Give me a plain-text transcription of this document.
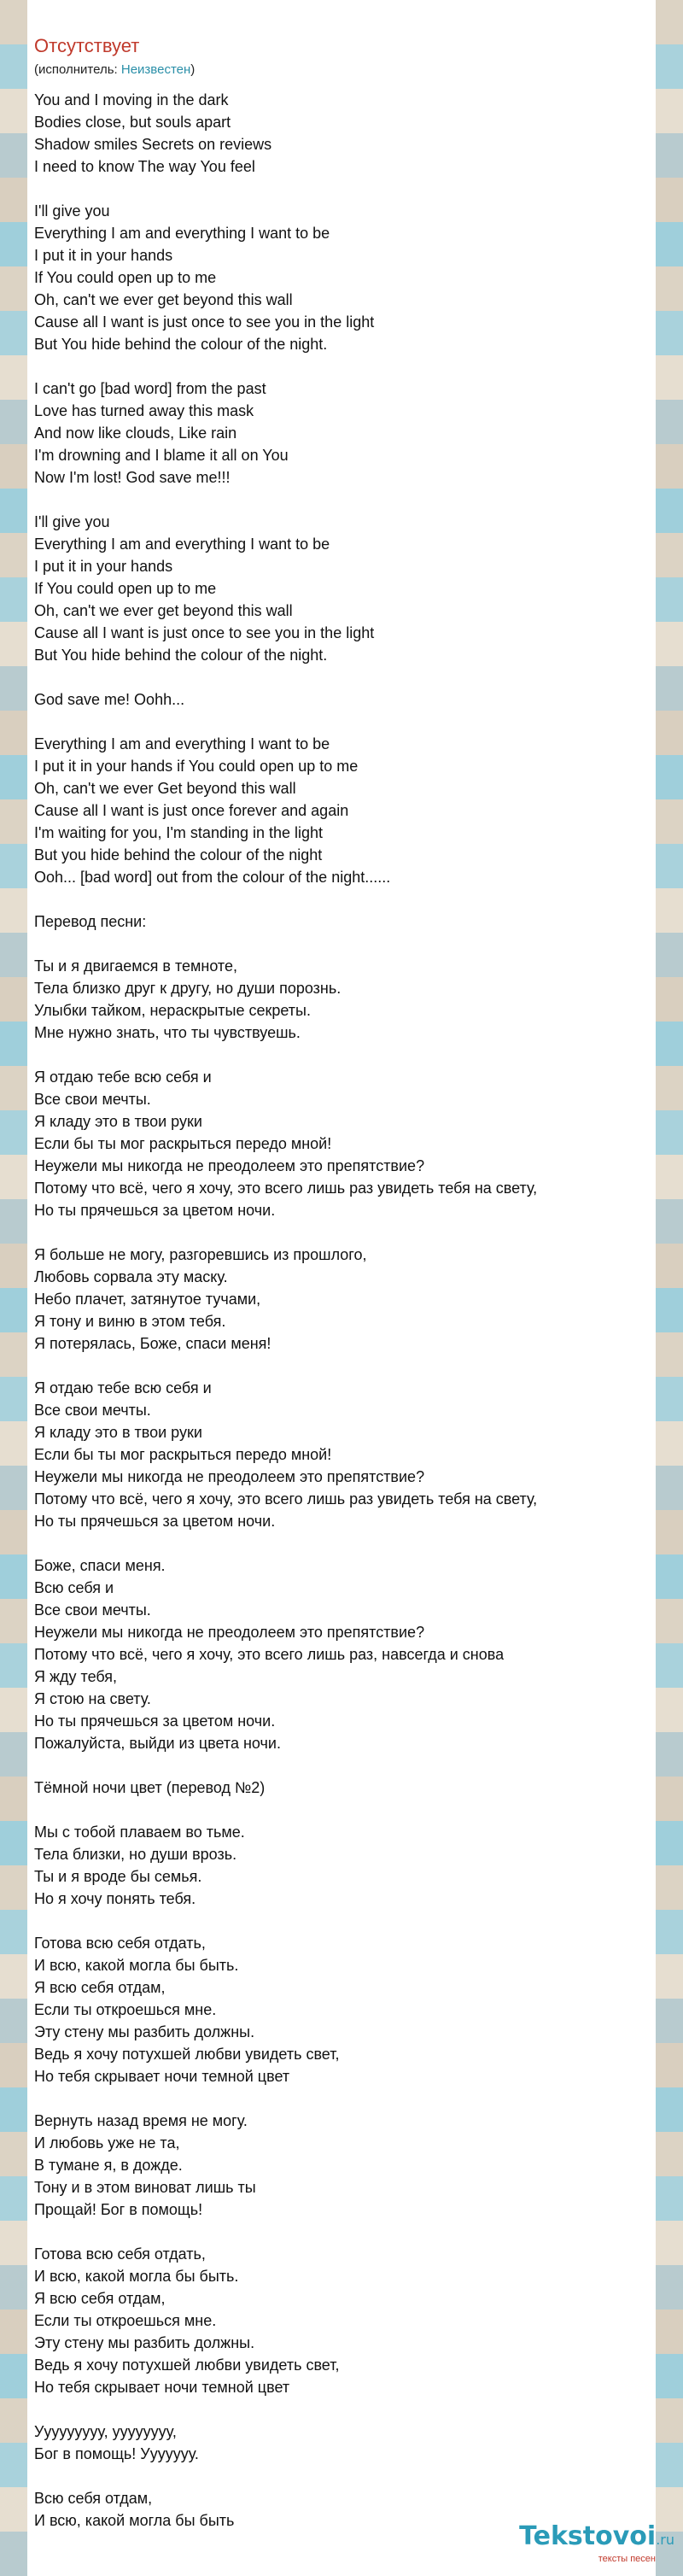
Отсутствует
(исполнитель: Неизвестен)
You and I moving in the dark
Bodies close, but souls apart
Shadow smiles Secrets on reviews
I need to know The way You feel
I'll give you
Everything I am and everything I want to be
I put it in your hands
If You could open up to me
Oh, can't we ever get beyond this wall
Cause all I want is just once to see you in the light
But You hide behind the colour of the night.
I can't go [bad word] from the past
Love has turned away this mask
And now like clouds, Like rain
I'm drowning and I blame it all on You
Now I'm lost! God save me!!!
I'll give you
Everything I am and everything I want to be
I put it in your hands
If You could open up to me
Oh, can't we ever get beyond this wall
Cause all I want is just once to see you in the light
But You hide behind the colour of the night.
God save me! Oohh...
Everything I am and everything I want to be
I put it in your hands if You could open up to me
Oh, can't we ever Get beyond this wall
Cause all I want is just once forever and again
I'm waiting for you, I'm standing in the light
But you hide behind the colour of the night
Ooh... [bad word] out from the colour of the night......
Перевод песни:
Ты и я двигаемся в темноте,
Тела близко друг к другу, но души порознь.
Улыбки тайком, нераскрытые секреты.
Мне нужно знать, что ты чувствуешь.
Я отдаю тебе всю себя и
Все свои мечты.
Я кладу это в твои руки
Если бы ты мог раскрыться передо мной!
Неужели мы никогда не преодолеем это препятствие?
Потому что всё, чего я хочу, это всего лишь раз увидеть тебя на свету,
Но ты прячешься за цветом ночи.
Я больше не могу, разгоревшись из прошлого,
Любовь сорвала эту маску.
Небо плачет, затянутое тучами,
Я тону и виню в этом тебя.
Я потерялась, Боже, спаси меня!
Я отдаю тебе всю себя и
Все свои мечты.
Я кладу это в твои руки
Если бы ты мог раскрыться передо мной!
Неужели мы никогда не преодолеем это препятствие?
Потому что всё, чего я хочу, это всего лишь раз увидеть тебя на свету,
Но ты прячешься за цветом ночи.
Боже, спаси меня.
Всю себя и
Все свои мечты.
Неужели мы никогда не преодолеем это препятствие?
Потому что всё, чего я хочу, это всего лишь раз, навсегда и снова
Я жду тебя,
Я стою на свету.
Но ты прячешься за цветом ночи.
Пожалуйста, выйди из цвета ночи.
Тёмной ночи цвет (перевод №2)
Мы с тобой плаваем во тьме.
Тела близки, но души врозь.
Ты и я вроде бы семья.
Но я хочу понять тебя.
Готова всю себя отдать,
И всю, какой могла бы быть.
Я всю себя отдам,
Если ты откроешься мне.
Эту стену мы разбить должны.
Ведь я хочу потухшей любви увидеть свет,
Но тебя скрывает ночи темной цвет
Вернуть назад время не могу.
И любовь уже не та,
В тумане я, в дожде.
Тону и в этом виноват лишь ты
Прощай! Бог в помощь!
Готова всю себя отдать,
И всю, какой могла бы быть.
Я всю себя отдам,
Если ты откроешься мне.
Эту стену мы разбить должны.
Ведь я хочу потухшей любви увидеть свет,
Но тебя скрывает ночи темной цвет
Ууууууууу, уууууууу,
Бог в помощь! Ууууууу.
Всю себя отдам,
И всю, какой могла бы быть
Tekstovoi.ru
тексты песен
